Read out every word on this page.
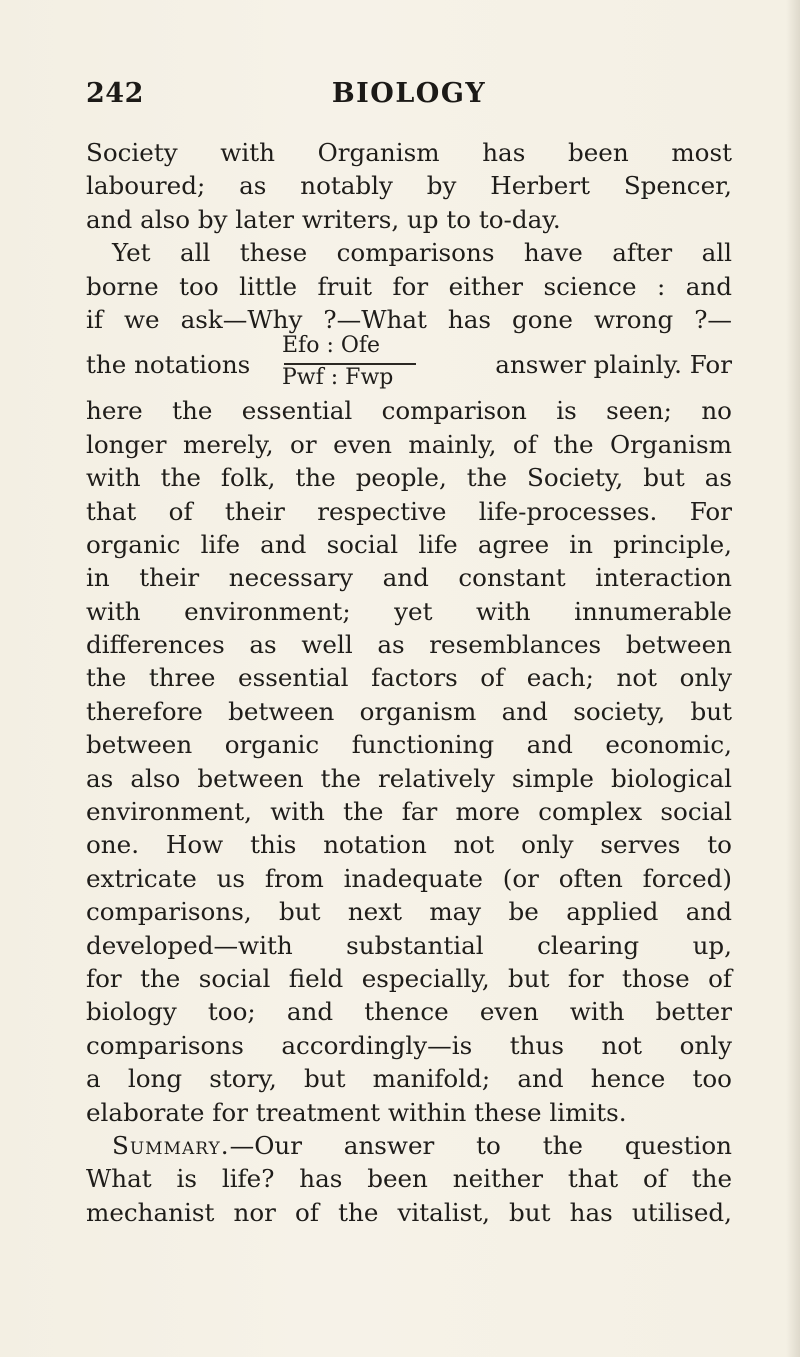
242	BIOLOGY
Society with Organism has been most
laboured; as notably by Herbert Spencer,
and also by later writers, up to to-day.
Yet all these comparisons have after all
borne too little fruit for either science : and
if we ask—Why ?—What has gone wrong ?—
the notations
Efo : Ofe
Pwf : Fwp	answer plainly. For
here the essential comparison is seen; no
longer merely, or even mainly, of the Organism
with the folk, the people, the Society, but as
that of their respective life-processes. For
organic life and social life agree in principle,
in their necessary and constant interaction
with environment; yet with innumerable
differences as well as resemblances between
the three essential factors of each; not only
therefore between organism and society, but
between organic functioning and economic,
as also between the relatively simple biological
environment, with the far more complex social
one. How this notation not only serves to
extricate us from inadequate (or often forced)
comparisons, but next may be applied and
developed—with substantial clearing up,
for the social field especially, but for those of
biology too; and thence even with better
comparisons accordingly—is thus not only
a long story, but manifold; and hence too
elaborate for treatment within these limits.
Summary.—Our answer to the question
What is life? has been neither that of the
mechanist nor of the vitalist, but has utilised,
